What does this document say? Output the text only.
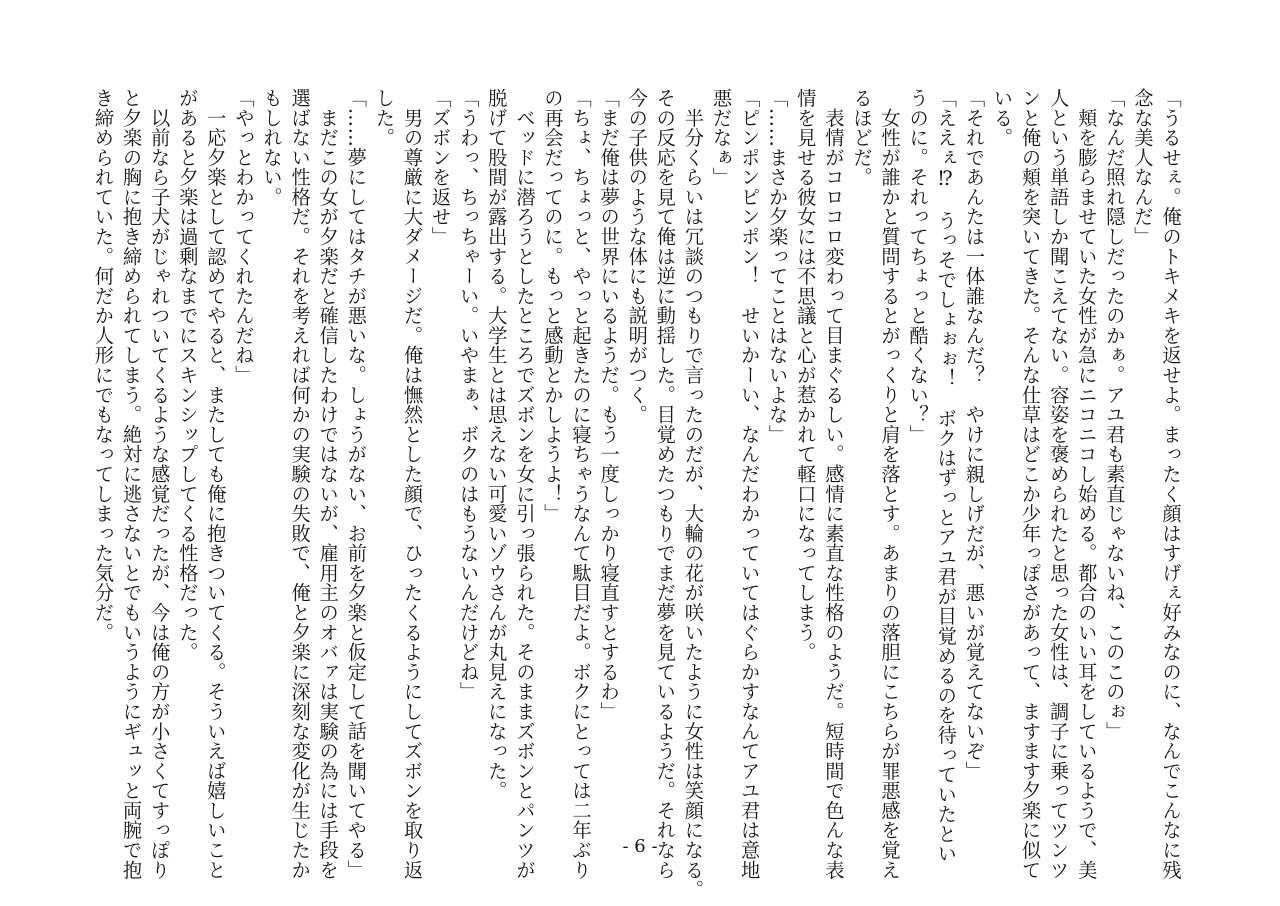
「うるせぇ。俺のトキメキを返せよ。まったく顔はすげぇ好みなのに、なんでこんなに残
念な美人なんだ」
「なんだ照れ隠しだったのかぁ。アユ君も素直じゃないね、このこのぉ」
　頬を膨らませていた女性が急にニコニコし始める。都合のいい耳をしているようで、美
人という単語しか聞こえてない。容姿を褒められたと思った女性は、調子に乗ってツンツ
ンと俺の頬を突いてきた。そんな仕草はどこか少年っぽさがあって、ますます夕楽に似て
いる。
「それであんたは一体誰なんだ？　やけに親しげだが、悪いが覚えてないぞ」
「ええぇ⁉　うっそでしょぉぉ！　ボクはずっとアユ君が目覚めるのを待っていたとい
うのに。それってちょっと酷くない？」
　女性が誰かと質問するとがっくりと肩を落とす。あまりの落胆にこちらが罪悪感を覚え
るほどだ。
　表情がコロコロ変わって目まぐるしい。感情に素直な性格のようだ。短時間で色んな表
情を見せる彼女には不思議と心が惹かれて軽口になってしまう。
「……まさか夕楽ってことはないよな」
「ピンポンピンポン！　せいかーい、なんだわかっていてはぐらかすなんてアユ君は意地
悪だなぁ」
　半分くらいは冗談のつもりで言ったのだが、大輪の花が咲いたように女性は笑顔になる。
その反応を見て俺は逆に動揺した。目覚めたつもりでまだ夢を見ているようだ。それなら
今の子供のような体にも説明がつく。
「まだ俺は夢の世界にいるようだ。もう一度しっかり寝直すとするわ」
「ちょ、ちょっと、やっと起きたのに寝ちゃうなんて駄目だよ。ボクにとっては二年ぶり
の再会だってのに。もっと感動とかしようよ！」
　ベッドに潜ろうとしたところでズボンを女に引っ張られた。そのままズボンとパンツが
脱げて股間が露出する。大学生とは思えない可愛いゾウさんが丸見えになった。
「うわっ、ちっちゃーい。いやまぁ、ボクのはもうないんだけどね」
「ズボンを返せ」
　男の尊厳に大ダメージだ。俺は憮然とした顔で、ひったくるようにしてズボンを取り返
した。
「……夢にしてはタチが悪いな。しょうがない、お前を夕楽と仮定して話を聞いてやる」
　まだこの女が夕楽だと確信したわけではないが、雇用主のオバァは実験の為には手段を
選ばない性格だ。それを考えれば何かの実験の失敗で、俺と夕楽に深刻な変化が生じたか
もしれない。
「やっとわかってくれたんだね」
　一応夕楽として認めてやると、またしても俺に抱きついてくる。そういえば嬉しいこと
があると夕楽は過剰なまでにスキンシップしてくる性格だった。
　以前なら子犬がじゃれついてくるような感覚だったが、今は俺の方が小さくてすっぽり
と夕楽の胸に抱き締められてしまう。絶対に逃さないとでもいうようにギュッと両腕で抱
き締められていた。何だか人形にでもなってしまった気分だ。
- 6 -
